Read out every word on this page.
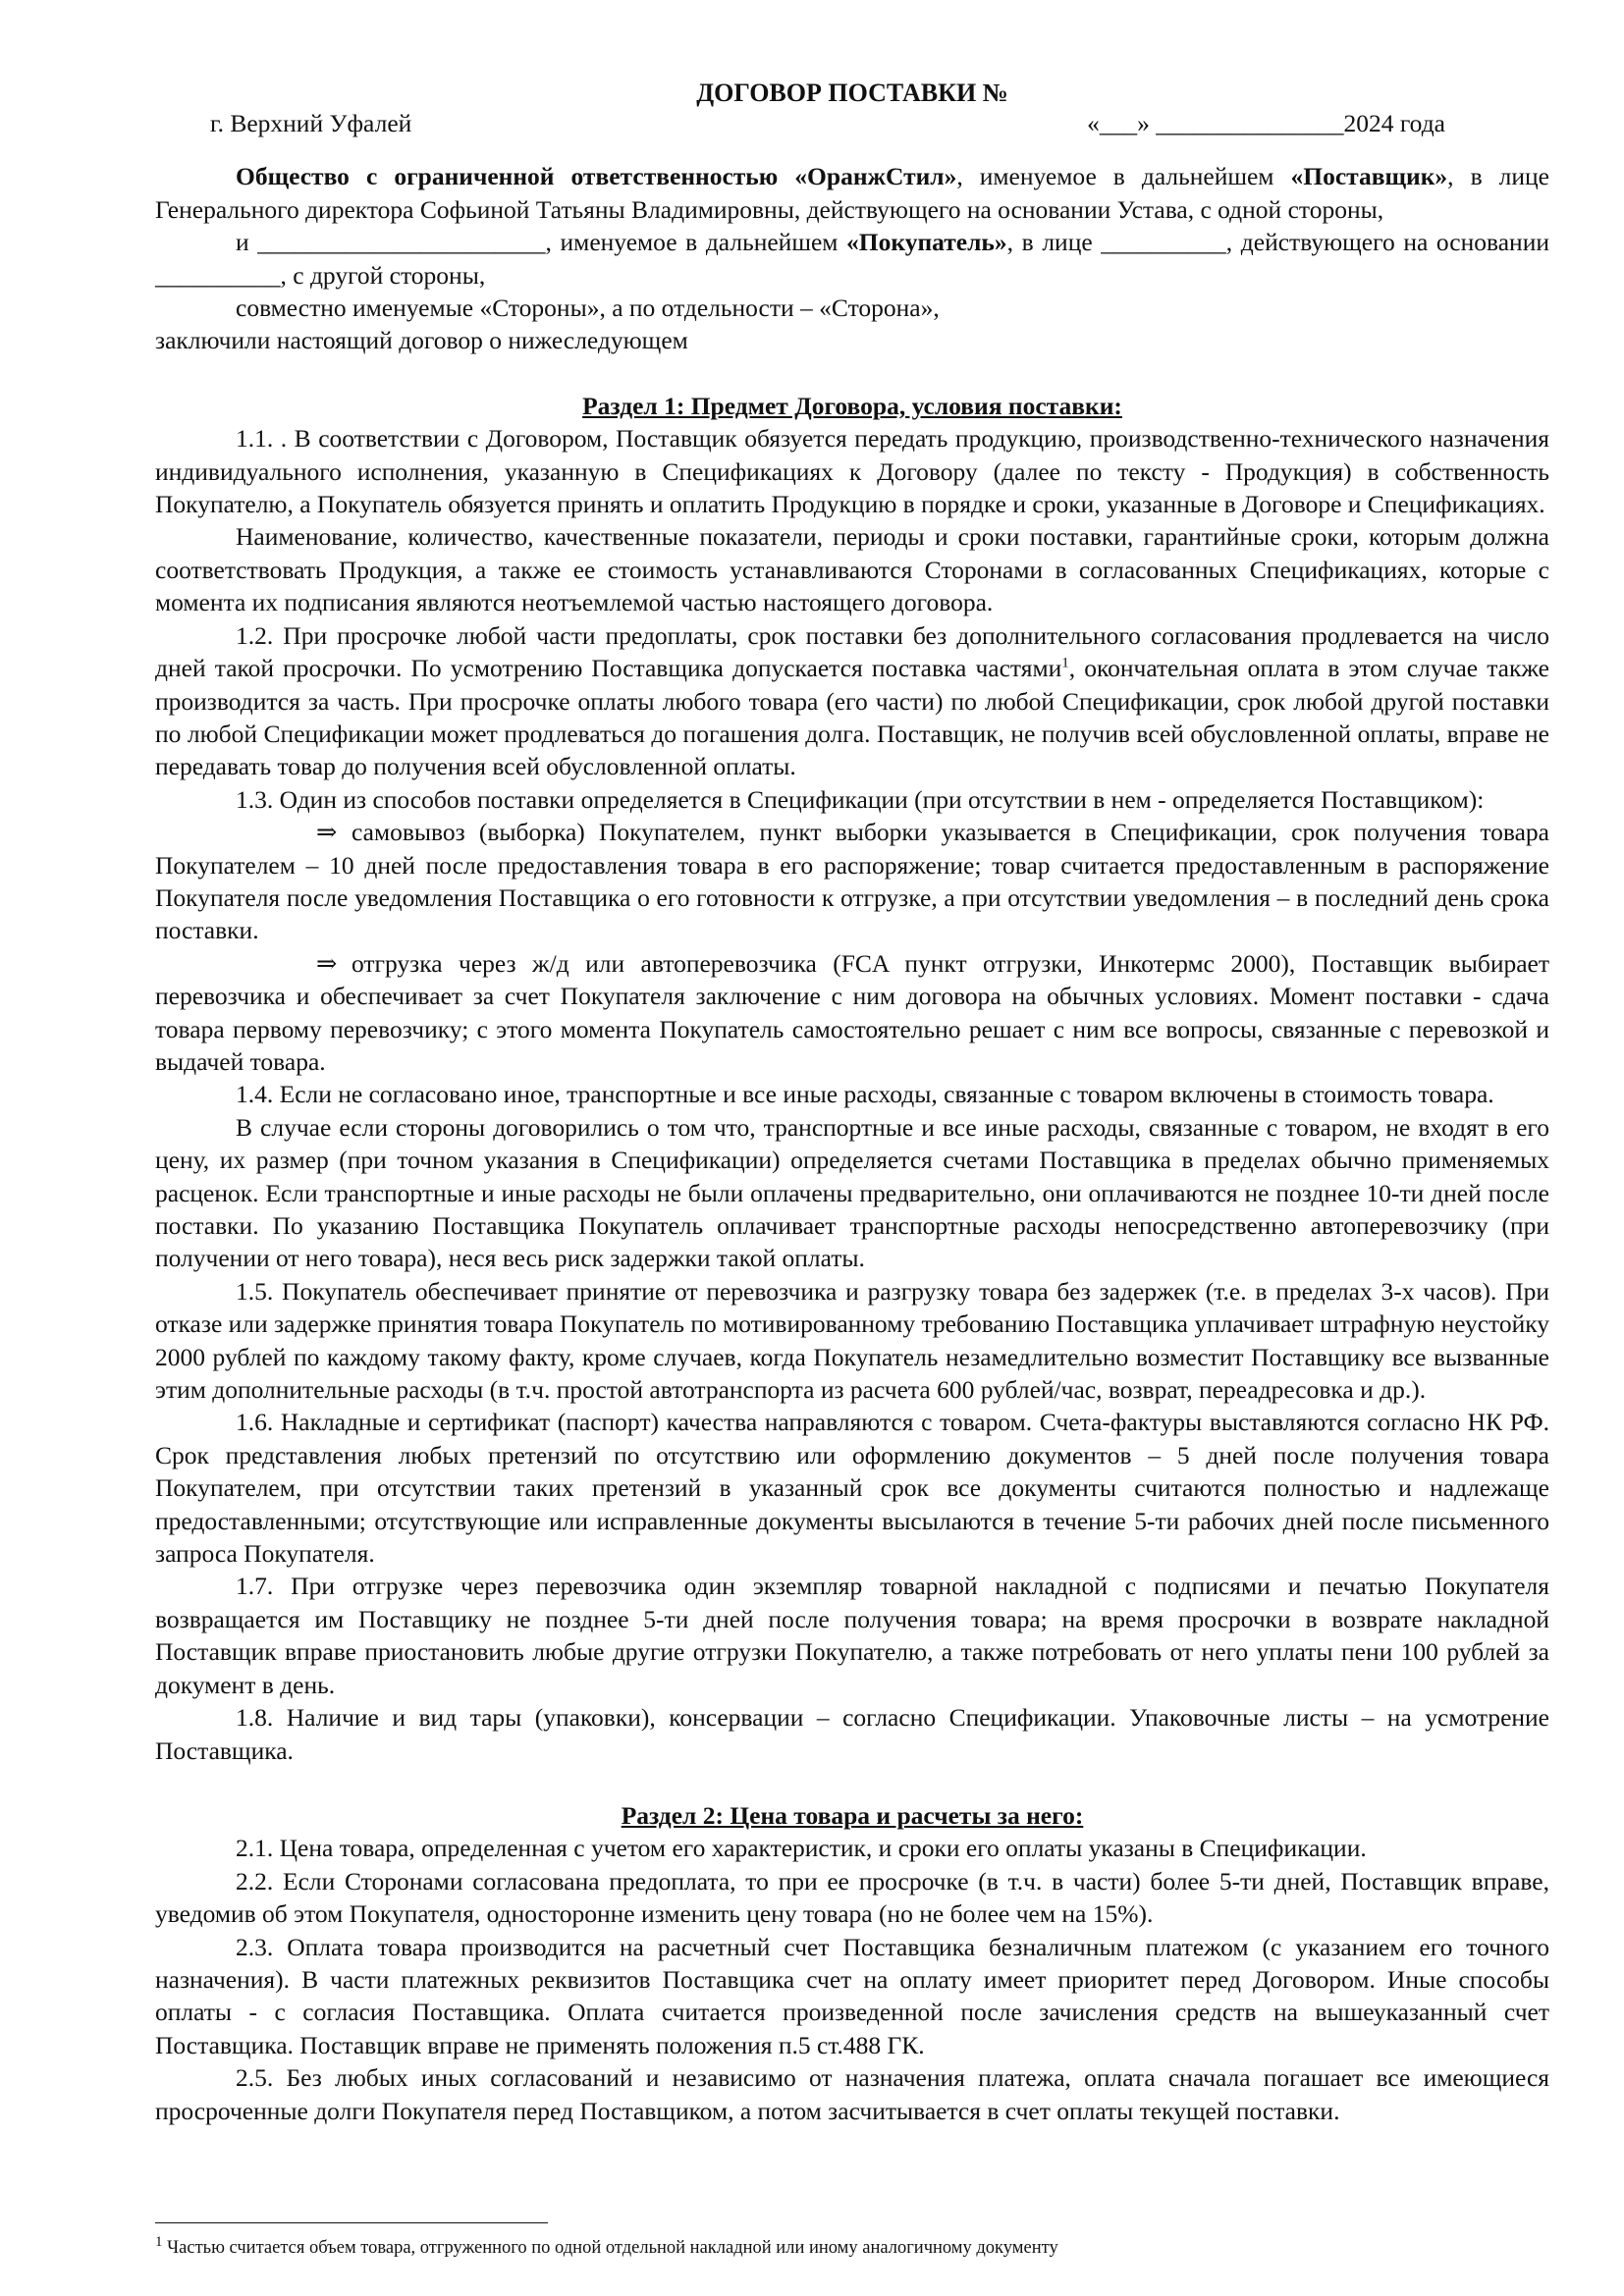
ДОГОВОР ПОСТАВКИ №

г. Верхний Уфалей	«___» _______________2024 года

Общество с ограниченной ответственностью «ОранжСтил», именуемое в дальнейшем «Поставщик», в лице Генерального директора Софьиной Татьяны Владимировны, действующего на основании Устава, с одной стороны,

и _______________________, именуемое в дальнейшем «Покупатель», в лице __________, действующего на основании __________, с другой стороны,

совместно именуемые «Стороны», а по отдельности – «Сторона»,

заключили настоящий договор о нижеследующем

Раздел 1: Предмет Договора, условия поставки:

1.1. . В соответствии с Договором, Поставщик обязуется передать продукцию, производственно-технического назначения индивидуального исполнения, указанную в Спецификациях к Договору (далее по тексту - Продукция) в собственность Покупателю, а Покупатель обязуется принять и оплатить Продукцию в порядке и сроки, указанные в Договоре и Спецификациях.

Наименование, количество, качественные показатели, периоды и сроки поставки, гарантийные сроки, которым должна соответствовать Продукция, а также ее стоимость устанавливаются Сторонами в согласованных Спецификациях, которые с момента их подписания являются неотъемлемой частью настоящего договора.

1.2. При просрочке любой части предоплаты, срок поставки без дополнительного согласования продлевается на число дней такой просрочки. По усмотрению Поставщика допускается поставка частями$^1$, окончательная оплата в этом случае также производится за часть. При просрочке оплаты любого товара (его части) по любой Спецификации, срок любой другой поставки по любой Спецификации может продлеваться до погашения долга. Поставщик, не получив всей обусловленной оплаты, вправе не передавать товар до получения всей обусловленной оплаты.

1.3. Один из способов поставки определяется в Спецификации (при отсутствии в нем - определяется Поставщиком):

⇒ самовывоз (выборка) Покупателем, пункт выборки указывается в Спецификации, срок получения товара Покупателем – 10 дней после предоставления товара в его распоряжение; товар считается предоставленным в распоряжение Покупателя после уведомления Поставщика о его готовности к отгрузке, а при отсутствии уведомления – в последний день срока поставки.

⇒ отгрузка через ж/д или автоперевозчика (FCA пункт отгрузки, Инкотермс 2000), Поставщик выбирает перевозчика и обеспечивает за счет Покупателя заключение с ним договора на обычных условиях. Момент поставки - сдача товара первому перевозчику; с этого момента Покупатель самостоятельно решает с ним все вопросы, связанные с перевозкой и выдачей товара.

1.4. Если не согласовано иное, транспортные и все иные расходы, связанные с товаром включены в стоимость товара.

В случае если стороны договорились о том что, транспортные и все иные расходы, связанные с товаром, не входят в его цену, их размер (при точном указания в Спецификации) определяется счетами Поставщика в пределах обычно применяемых расценок. Если транспортные и иные расходы не были оплачены предварительно, они оплачиваются не позднее 10-ти дней после поставки. По указанию Поставщика Покупатель оплачивает транспортные расходы непосредственно автоперевозчику (при получении от него товара), неся весь риск задержки такой оплаты.

1.5. Покупатель обеспечивает принятие от перевозчика и разгрузку товара без задержек (т.е. в пределах 3-х часов). При отказе или задержке принятия товара Покупатель по мотивированному требованию Поставщика уплачивает штрафную неустойку 2000 рублей по каждому такому факту, кроме случаев, когда Покупатель незамедлительно возместит Поставщику все вызванные этим дополнительные расходы (в т.ч. простой автотранспорта из расчета 600 рублей/час, возврат, переадресовка и др.).

1.6. Накладные и сертификат (паспорт) качества направляются с товаром. Счета-фактуры выставляются согласно НК РФ. Срок представления любых претензий по отсутствию или оформлению документов – 5 дней после получения товара Покупателем, при отсутствии таких претензий в указанный срок все документы считаются полностью и надлежаще предоставленными; отсутствующие или исправленные документы высылаются в течение 5-ти рабочих дней после письменного запроса Покупателя.

1.7. При отгрузке через перевозчика один экземпляр товарной накладной с подписями и печатью Покупателя возвращается им Поставщику не позднее 5-ти дней после получения товара; на время просрочки в возврате накладной Поставщик вправе приостановить любые другие отгрузки Покупателю, а также потребовать от него уплаты пени 100 рублей за документ в день.

1.8. Наличие и вид тары (упаковки), консервации – согласно Спецификации. Упаковочные листы – на усмотрение Поставщика.

Раздел 2: Цена товара и расчеты за него:

2.1. Цена товара, определенная с учетом его характеристик, и сроки его оплаты указаны в Спецификации.

2.2. Если Сторонами согласована предоплата, то при ее просрочке (в т.ч. в части) более 5-ти дней, Поставщик вправе, уведомив об этом Покупателя, односторонне изменить цену товара (но не более чем на 15%).

2.3. Оплата товара производится на расчетный счет Поставщика безналичным платежом (с указанием его точного назначения). В части платежных реквизитов Поставщика счет на оплату имеет приоритет перед Договором. Иные способы оплаты - с согласия Поставщика. Оплата считается произведенной после зачисления средств на вышеуказанный счет Поставщика. Поставщик вправе не применять положения п.5 ст.488 ГК.

2.5. Без любых иных согласований и независимо от назначения платежа, оплата сначала погашает все имеющиеся просроченные долги Покупателя перед Поставщиком, а потом засчитывается в счет оплаты текущей поставки.

$^1$ Частью считается объем товара, отгруженного по одной отдельной накладной или иному аналогичному документу
